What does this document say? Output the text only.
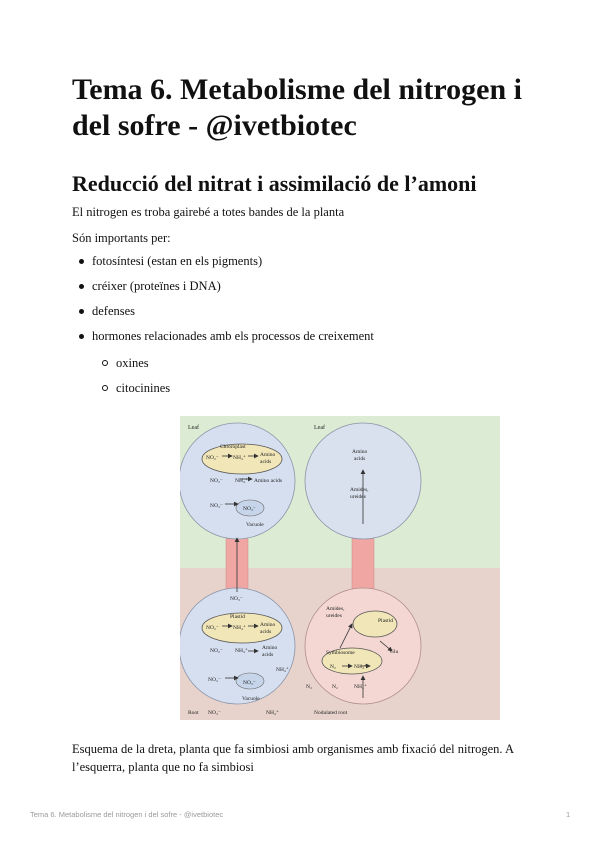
Tema 6. Metabolisme del nitrogen i del sofre - @ivetbiotec
Reducció del nitrat i assimilació de l’amoni

El nitrogen es troba gairebé a totes bandes de la planta

Són importants per:

fotosíntesi (estan en els pigments)
créixer (proteïnes i DNA)
defenses
hormones relacionades amb els processos de creixement
oxines
citocinines
Leaf	Leaf
Chloroplast
NO₂⁻	NH₄⁺	Amino
acids
NO₂⁻ NH₄⁺ Amino acids
NO₃⁻	NO₃⁻
Vacuole
Amino
acids
Amides,
ureides
NO₃⁻
Plastid
NO₂⁻	NH₄⁺	Amino
acids
NO₂⁻ NH₄⁺	Amino
acids
NH₄⁺
NO₂⁻	NO₃⁻
Vacuole
Root NO₃⁻	NH₄⁺
Amides,
ureides
Plastid
Glu
Symbiosome
N₂	NH₄⁺
N₂	N₂	NH₄⁺
Nodulated root

Esquema de la dreta, planta que fa simbiosi amb organismes amb fixació del nitrogen. A l’esquerra, planta que no fa simbiosi

Tema 6. Metabolisme del nitrogen i del sofre - @ivetbiotec	1
